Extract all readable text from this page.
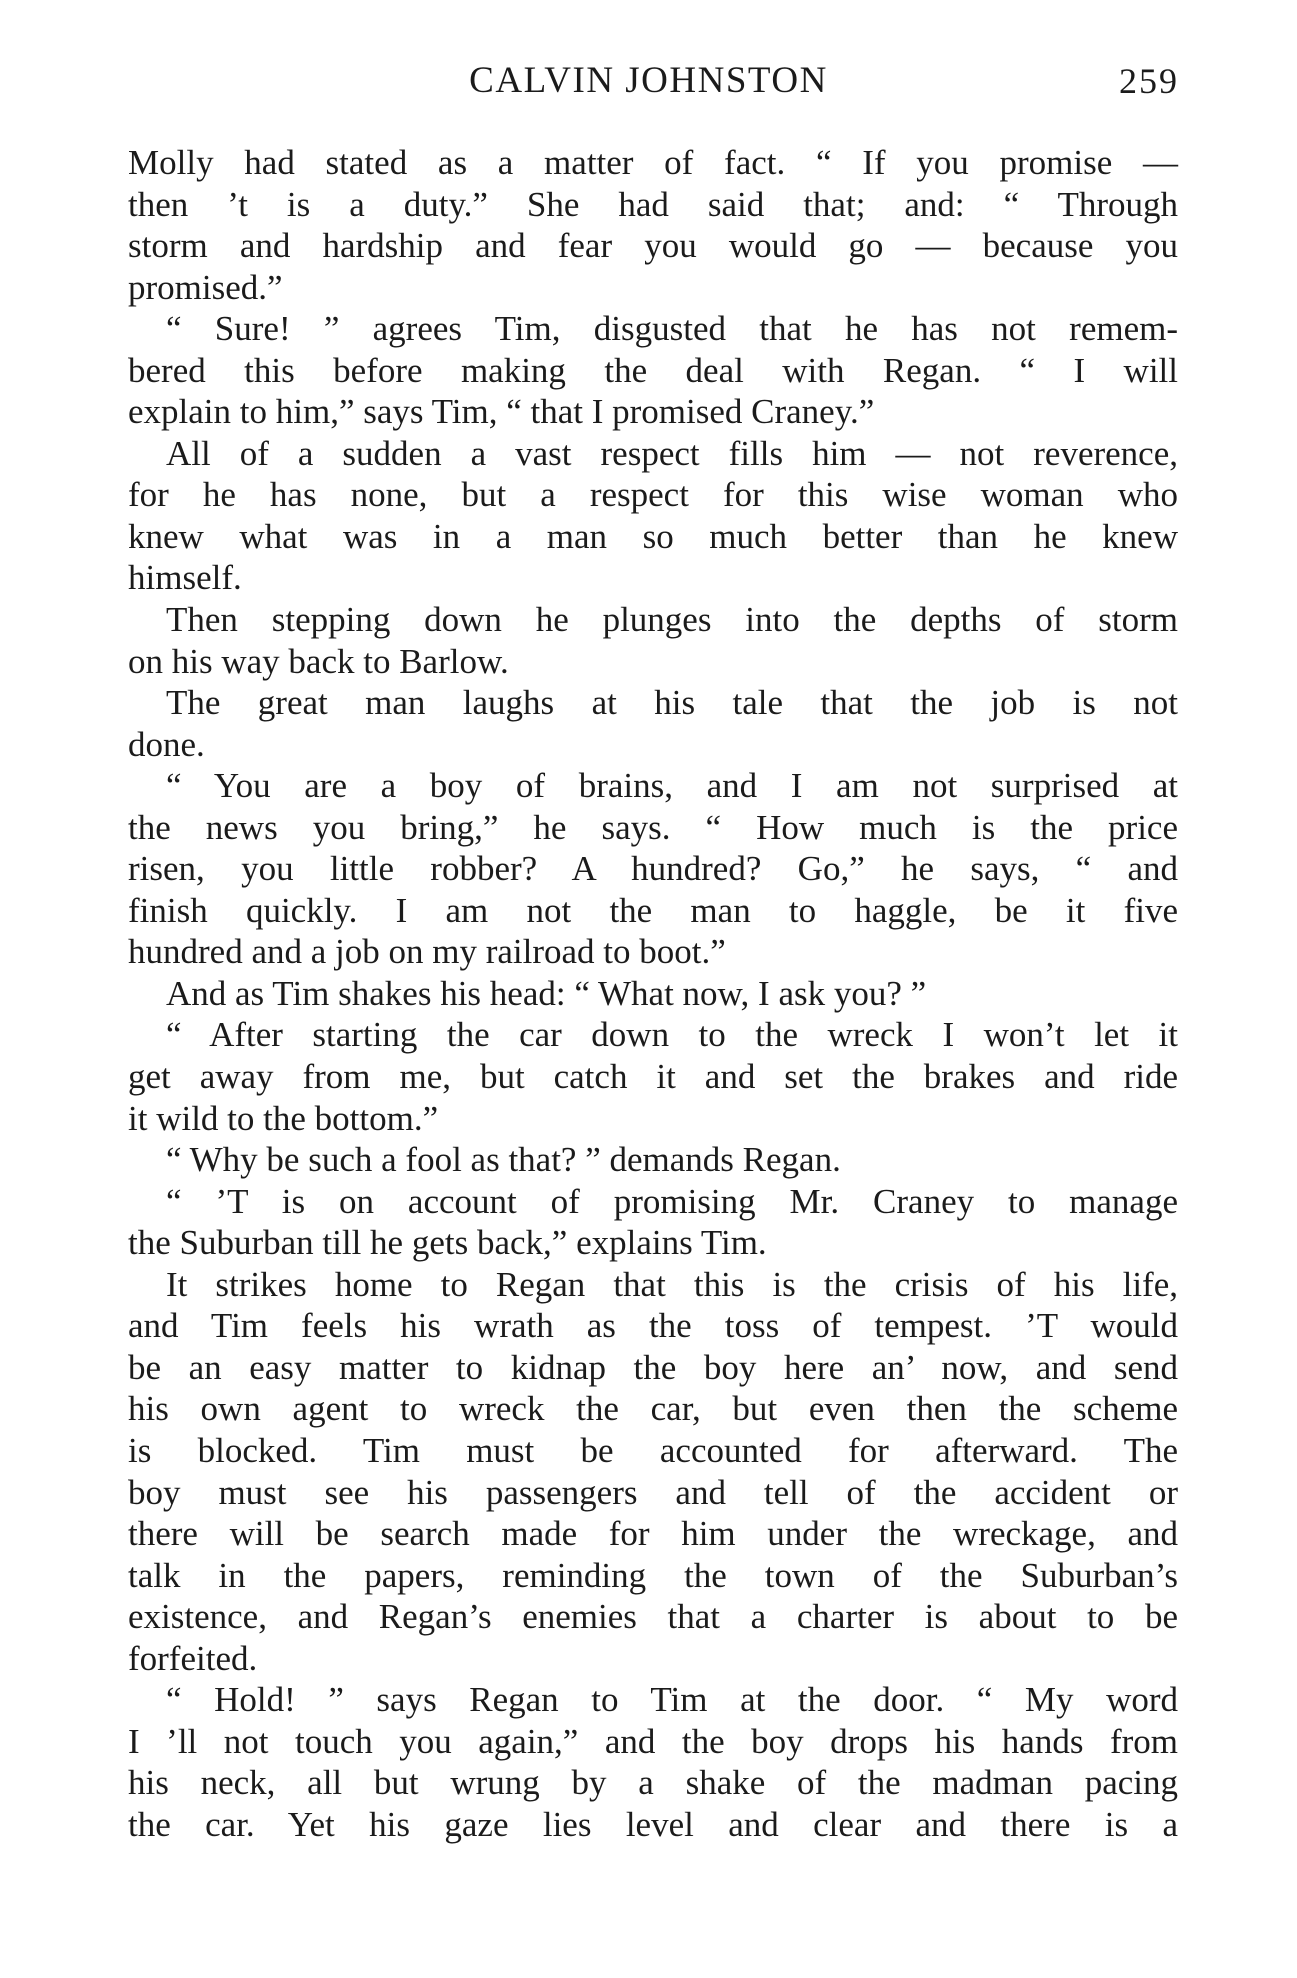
CALVIN JOHNSTON	259
Molly had stated as a matter of fact. “ If you promise —
then ’t is a duty.” She had said that; and: “ Through
storm and hardship and fear you would go — because you
promised.”
“ Sure! ” agrees Tim, disgusted that he has not remem-
bered this before making the deal with Regan. “ I will
explain to him,” says Tim, “ that I promised Craney.”
All of a sudden a vast respect fills him — not reverence,
for he has none, but a respect for this wise woman who
knew what was in a man so much better than he knew
himself.
Then stepping down he plunges into the depths of storm
on his way back to Barlow.
The great man laughs at his tale that the job is not
done.
“ You are a boy of brains, and I am not surprised at
the news you bring,” he says. “ How much is the price
risen, you little robber? A hundred? Go,” he says, “ and
finish quickly. I am not the man to haggle, be it five
hundred and a job on my railroad to boot.”
And as Tim shakes his head: “ What now, I ask you? ”
“ After starting the car down to the wreck I won’t let it
get away from me, but catch it and set the brakes and ride
it wild to the bottom.”
“ Why be such a fool as that? ” demands Regan.
“ ’T is on account of promising Mr. Craney to manage
the Suburban till he gets back,” explains Tim.
It strikes home to Regan that this is the crisis of his life,
and Tim feels his wrath as the toss of tempest. ’T would
be an easy matter to kidnap the boy here an’ now, and send
his own agent to wreck the car, but even then the scheme
is blocked. Tim must be accounted for afterward. The
boy must see his passengers and tell of the accident or
there will be search made for him under the wreckage, and
talk in the papers, reminding the town of the Suburban’s
existence, and Regan’s enemies that a charter is about to be
forfeited.
“ Hold! ” says Regan to Tim at the door. “ My word
I ’ll not touch you again,” and the boy drops his hands from
his neck, all but wrung by a shake of the madman pacing
the car. Yet his gaze lies level and clear and there is a
